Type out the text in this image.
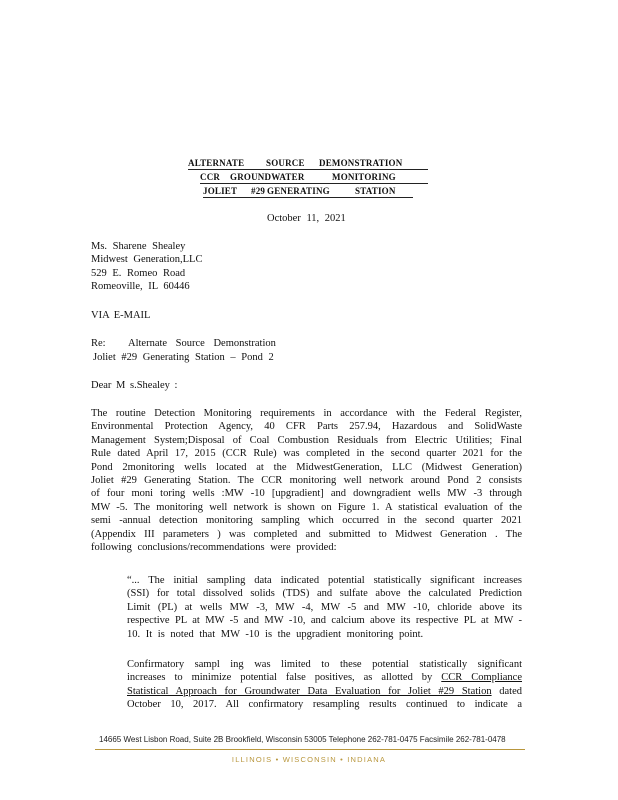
ALTERNATE SOURCE DEMONSTRATION
CCR GROUNDWATER	MONITORING
JOLIET #29 GENERATING	STATION
October 11, 2021
Ms. Sharene Shealey
Midwest Generation,LLC
529 E. Romeo Road
Romeoville, IL 60446
VIA E-MAIL
Re: Alternate Source Demonstration
Joliet #29 Generating Station – Pond 2
Dear M s.Shealey :
The routine Detection Monitoring requirements in accordance with the Federal Register,
Environmental Protection Agency, 40 CFR Parts 257.94, Hazardous and SolidWaste
Management System;Disposal of Coal Combustion Residuals from Electric Utilities; Final
Rule dated April 17, 2015 (CCR Rule) was completed in the second quarter 2021 for the
Pond 2monitoring wells located at the MidwestGeneration, LLC (Midwest Generation)
Joliet #29 Generating Station. The CCR monitoring well network around Pond 2 consists
of four moni toring wells :MW -10 [upgradient] and downgradient wells MW -3 through
MW -5. The monitoring well network is shown on Figure 1. A statistical evaluation of the
semi -annual detection monitoring sampling which occurred in the second quarter 2021
(Appendix III parameters ) was completed and submitted to Midwest Generation . The
following conclusions/recommendations were provided:
“... The initial sampling data indicated potential statistically significant increases
(SSI) for total dissolved solids (TDS) and sulfate above the calculated Prediction
Limit (PL) at wells MW -3, MW -4, MW -5 and MW -10, chloride above its
respective PL at MW -5 and MW -10, and calcium above its respective PL at MW -
10. It is noted that MW -10 is the upgradient monitoring point.
Confirmatory sampl ing was limited to these potential statistically significant
increases to minimize potential false positives, as allotted by CCR Compliance
Statistical Approach for Groundwater Data Evaluation for Joliet #29 Station dated
October 10, 2017. All confirmatory resampling results continued to indicate a
14665 West Lisbon Road, Suite 2B Brookfield, Wisconsin 53005 Telephone 262-781-0475 Facsimile 262-781-0478
ILLINOIS • WISCONSIN • INDIANA
